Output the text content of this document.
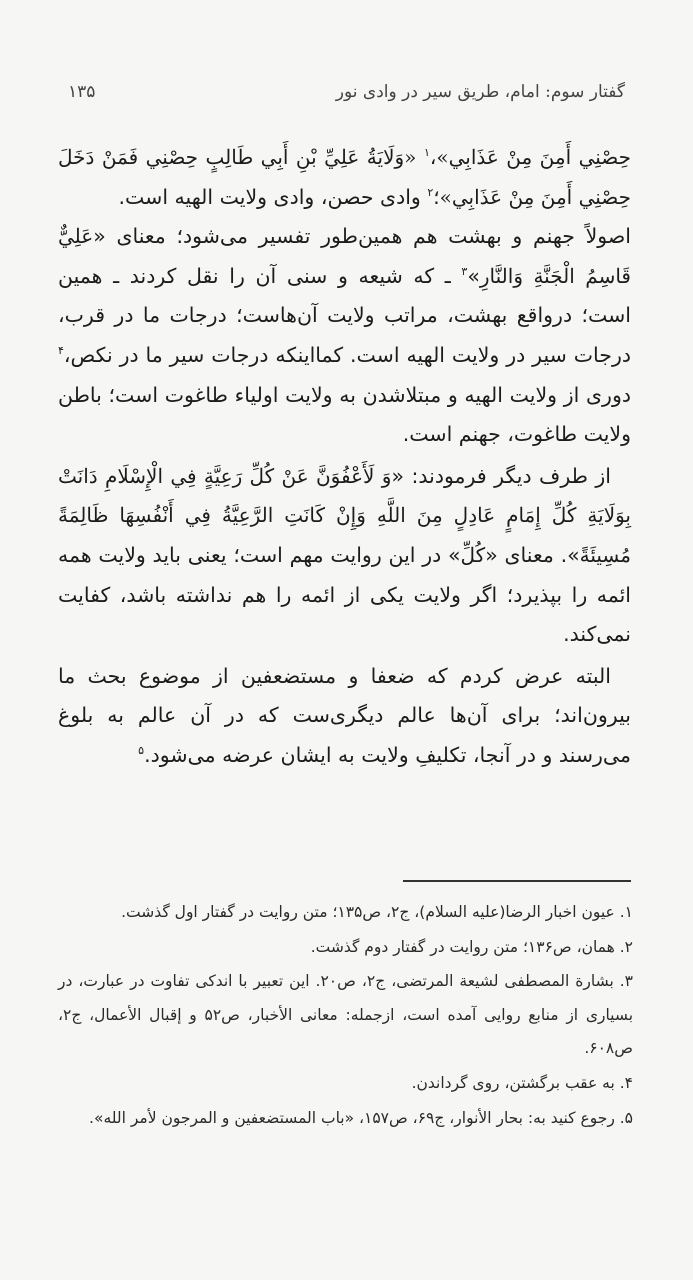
گفتار سوم: امام، طریق سیر در وادی نور
۱۳۵

حِصْنِي أَمِنَ مِنْ عَذَابِي»،$^۱$ «وَلَايَةُ عَلِيِّ بْنِ أَبِي طَالِبٍ حِصْنِي فَمَنْ دَخَلَ حِصْنِي أَمِنَ مِنْ عَذَابِي»؛$^۲$ وادی حصن، وادی ولایت الهیه است.

اصولاً جهنم و بهشت هم همین‌طور تفسیر می‌شود؛ معنای «عَلِيٌّ قَاسِمُ الْجَنَّةِ وَالنَّارِ»$^۳$ ـ که شیعه و سنی آن را نقل کردند ـ همین است؛ درواقع بهشت، مراتب ولایت آن‌هاست؛ درجات ما در قرب، درجات سیر در ولایت الهیه است. کمااینکه درجات سیر ما در نکص،$^۴$ دوری از ولایت الهیه و مبتلاشدن به ولایت اولیاء طاغوت است؛ باطن ولایت طاغوت، جهنم است.

از طرف دیگر فرمودند: «وَ لَأَعْفُوَنَّ عَنْ كُلِّ رَعِيَّةٍ فِي الْإِسْلَامِ دَانَتْ بِوَلَايَةِ كُلِّ إِمَامٍ عَادِلٍ مِنَ اللَّهِ وَإِنْ كَانَتِ الرَّعِيَّةُ فِي أَنْفُسِهَا ظَالِمَةً مُسِيئَةً». معنای «كُلِّ» در این روایت مهم است؛ یعنی باید ولایت همه ائمه را بپذیرد؛ اگر ولایت یکی از ائمه را هم نداشته باشد، کفایت نمی‌کند.

البته عرض کردم که ضعفا و مستضعفین از موضوع بحث ما بیرون‌اند؛ برای آن‌ها عالم دیگری‌ست که در آن عالم به بلوغ می‌رسند و در آنجا، تکلیفِ ولایت به ایشان عرضه می‌شود.$^۵$

۱. عیون اخبار الرضا(علیه السلام)، ج۲، ص۱۳۵؛ متن روایت در گفتار اول گذشت.

۲. همان، ص۱۳۶؛ متن روایت در گفتار دوم گذشت.

۳. بشارة المصطفی لشیعة المرتضی، ج۲، ص۲۰. این تعبیر با اندکی تفاوت در عبارت، در بسیاری از منابع روایی آمده است، ازجمله: معانی الأخبار، ص۵۲ و إقبال الأعمال، ج۲، ص۶۰۸.

۴. به عقب برگشتن، روی گرداندن.

۵. رجوع کنید به: بحار الأنوار، ج۶۹، ص۱۵۷، «باب المستضعفین و المرجون لأمر الله».
